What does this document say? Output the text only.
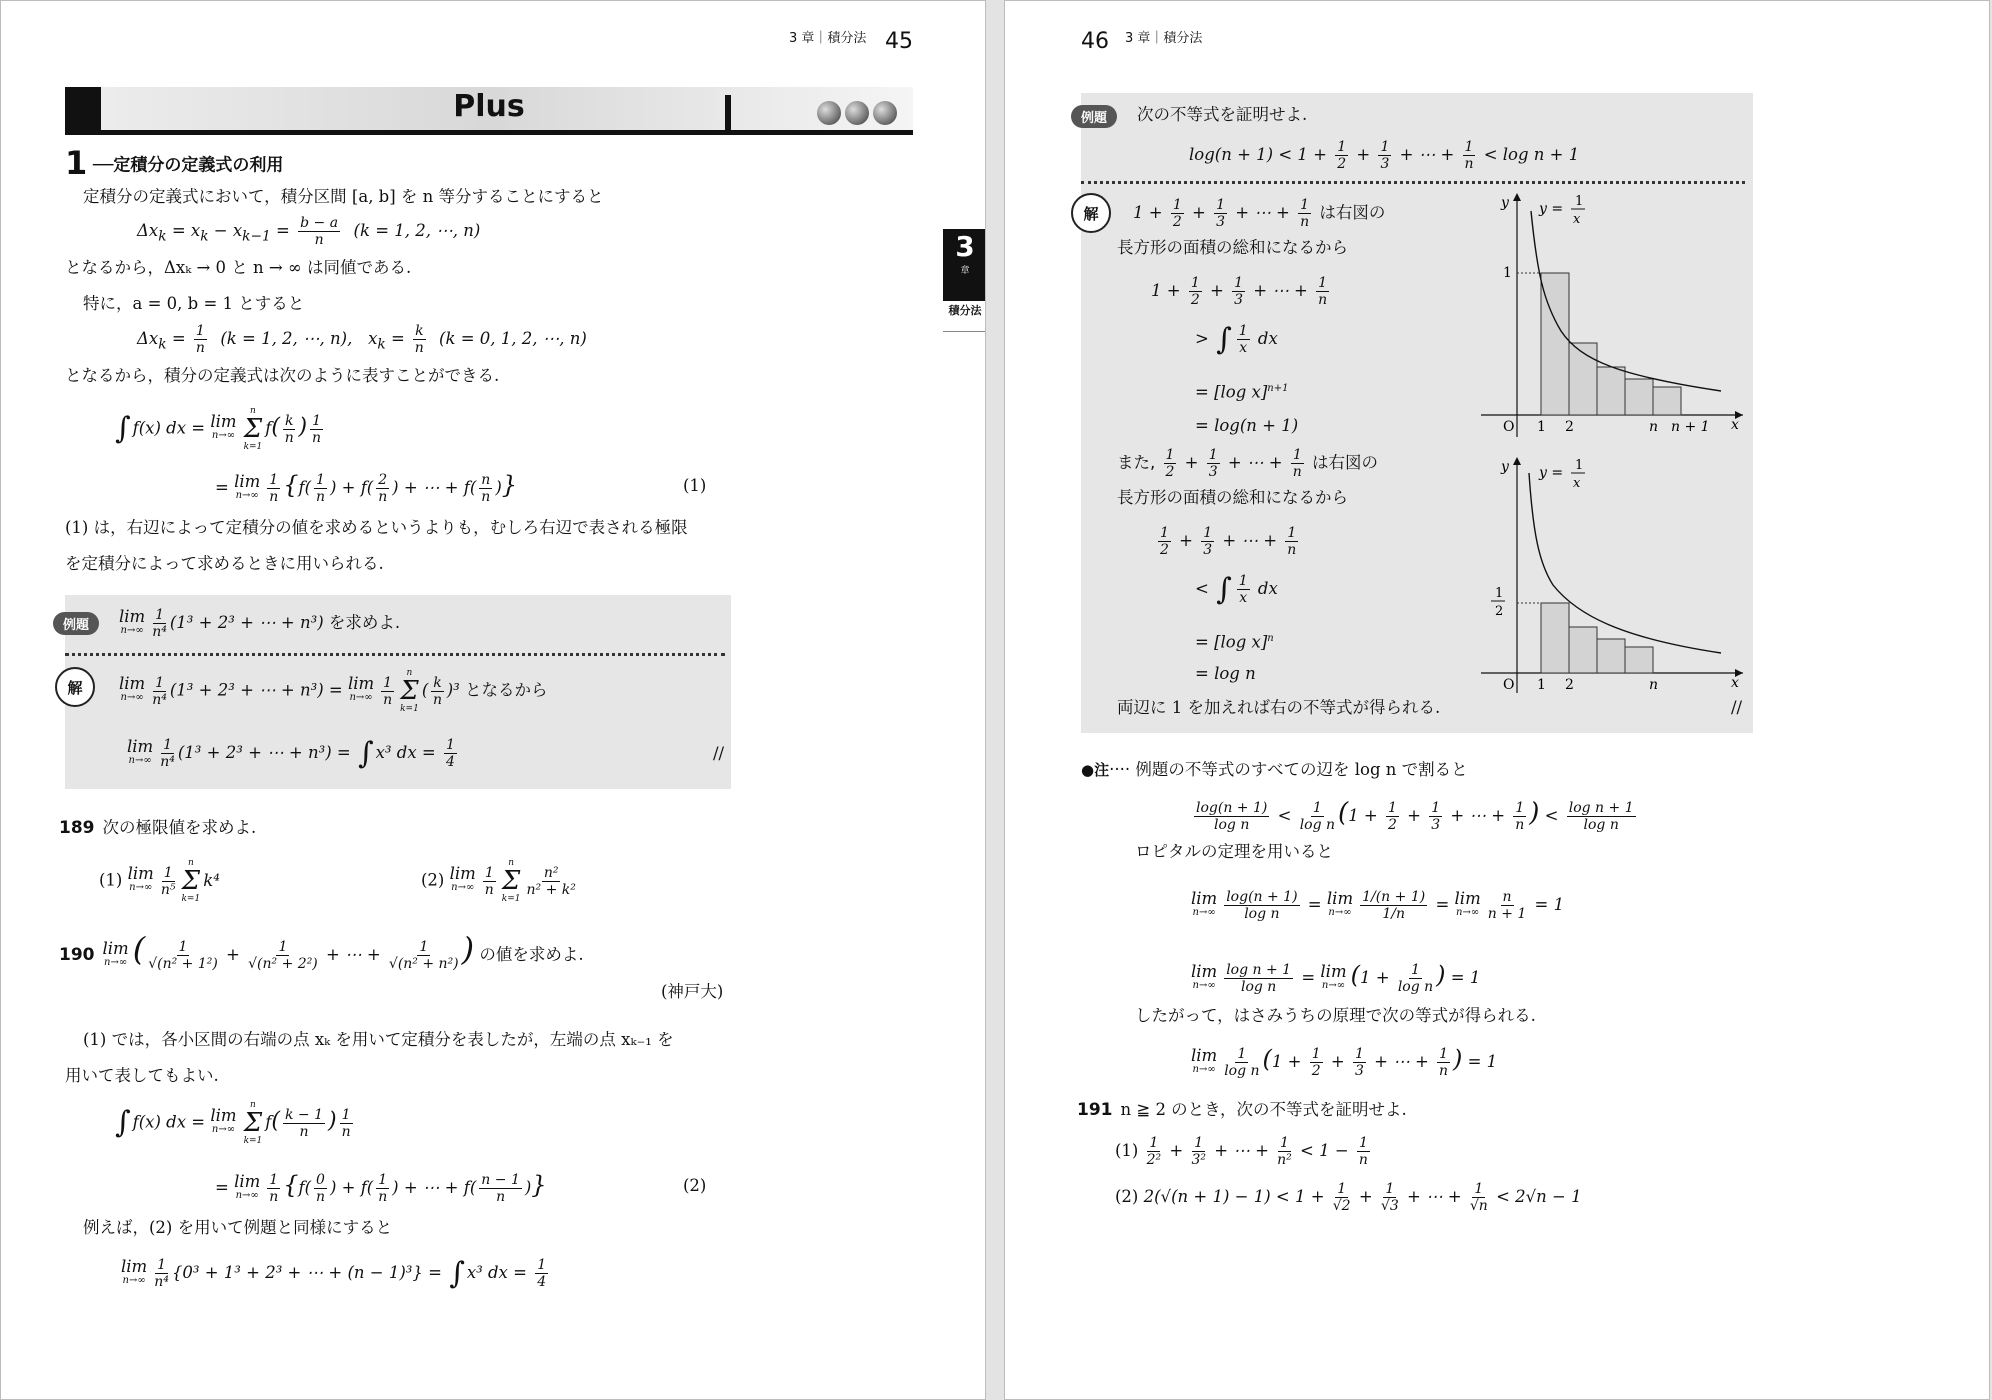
3 章｜積分法 45
Plus
1 ──定積分の定義式の利用
3
章
積分法
定積分の定義式において，積分区間 [a, b] を n 等分することにすると
$\Delta x_k = x_k - x_{k-1} = \frac{b - a}{n} (k = 1$, 2, ⋯, n)
となるから，Δxₖ → 0 と n → ∞ は同値である.
特に，a = 0, b = 1 とすると
$\Delta x_k = \frac{1}{n} (k = 1$, 2, ⋯, n),   $x_k = \frac{k}{n} (k = 0$, 1, 2, ⋯, n)
となるから，積分の定義式は次のように表すことができる.
∫ f(x) dx = lim
n→∞
n
Σ
k=1
$f( \frac{k}{n}$ ) $\frac{1}{n}$
= lim
$n\to\infty \frac{1}{n} \{f( \frac{1}{n}$ ) + $f( \frac{2}{n}$ ) + ⋯ + $f( \frac{n}{n}$ )}	(1)
(1) は，右辺によって定積分の値を求めるというよりも，むしろ右辺で表される極限
を定積分によって求めるときに用いられる.
例題	lim
$n\to\infty \frac{1}{\text{n⁴}} (1^3 + 2^3$ + ⋯ + n³) を求めよ.
解	lim
$n\to\infty \frac{1}{\text{n⁴}} (1^3 + 2^3$ + ⋯ + n³) = lim
$n\to\infty \frac{1}{n}$
n
Σ
k=1
( $\frac{k}{n} )^3$ となるから
lim
$n\to\infty \frac{1}{\text{n⁴}} (1^3 + 2^3$ + ⋯ + n³) = ∫ x³ dx = $\frac{1}{4}$	//
189 次の極限値を求めよ.
(1) lim
$n\to\infty \frac{1}{\text{n⁵}}$
n
Σ
k=1
k⁴	(2) lim
$n\to\infty \frac{1}{n}$
n
Σ
k=1
$\frac{\text{n²}}{\text{n² + k²}}$
190 lim
n→∞ ( $\frac{1}{\text{√(n² + 1²)}} + \frac{1}{\text{√(n² + 2²)}}$ + ⋯ + $\frac{1}{\text{√(n² + n²)}}$ ) の値を求めよ.
(神戸大)
(1) では，各小区間の右端の点 xₖ を用いて定積分を表したが，左端の点 xₖ₋₁ を
用いて表してもよい.
∫ f(x) dx = lim
n→∞
n
Σ
k=1
$f( \frac{k - 1}{n}$ ) $\frac{1}{n}$
= lim
$n\to\infty \frac{1}{n} \{f( \frac{0}{n}$ ) + $f( \frac{1}{n}$ ) + ⋯ + $f( \frac{n - 1}{n}$ )}	(2)
例えば，(2) を用いて例題と同様にすると
lim
$n\to\infty \frac{1}{\text{n⁴}} \{0^3 + 1^3 + 2^3$ + ⋯ + (n − 1)³} = ∫ x³ dx = $\frac{1}{4}$
46 3 章｜積分法
例題	次の不等式を証明せよ.
$\log(n + 1) < 1 + \frac{1}{2} + \frac{1}{3}$ + ⋯ + $\frac{1}{n} < \log n + 1$
解	$1 + \frac{1}{2} + \frac{1}{3}$ + ⋯ + $\frac{1}{n}$ は右図の
長方形の面積の総和になるから
$1 + \frac{1}{2} + \frac{1}{3}$ + ⋯ + $\frac{1}{n}$
> ∫ $\frac{1}{x}$ dx
= [log x]$^{n+1}$
= log(n + 1)
また, $\frac{1}{2} + \frac{1}{3}$ + ⋯ + $\frac{1}{n}$ は右図の
長方形の面積の総和になるから
$\frac{1}{2} + \frac{1}{3}$ + ⋯ + $\frac{1}{n}$
< ∫ $\frac{1}{x}$ dx
= [log x]$^n$
= log n
両辺に 1 を加えれば右の不等式が得られる.	//
y
x
O 1 2	n n + 1
1
y = 1
x
y
x
O 1 2	n
1
2
y = 1
x
●注···· 例題の不等式のすべての辺を log n で割ると
$\frac{\log(n + 1)}{\text{log n}} < \frac{1}{\text{log n}} (1 + \frac{1}{2} + \frac{1}{3}$ + ⋯ + $\frac{1}{n}$ ) < $\frac{\text{log n + 1}}{\text{log n}}$
ロピタルの定理を用いると
lim
$n\to\infty \frac{\log(n + 1)}{\text{log n}} = \lim$
$n\to\infty \frac{1/(n + 1)}{1/n} = \lim$
$n\to\infty \frac{n}{n + 1} = 1$
lim
$n\to\infty \frac{\text{log n + 1}}{\text{log n}} = \lim$
n→∞ ($1 + \frac{1}{\text{log n}}$ ) = 1
したがって，はさみうちの原理で次の等式が得られる.
lim
$n\to\infty \frac{1}{\text{log n}} (1 + \frac{1}{2} + \frac{1}{3}$ + ⋯ + $\frac{1}{n}$ ) = 1
191 n ≧ 2 のとき，次の不等式を証明せよ.
$(1) \frac{1}{\text{2²}} + \frac{1}{\text{3²}}$ + ⋯ + $\frac{1}{\text{n²}} < 1 - \frac{1}{n}$
(2) $2(√(n + 1) - 1) < 1 + \frac{1}{√2} + \frac{1}{√3}$ + ⋯ + $\frac{1}{√n} < 2√n - 1$
